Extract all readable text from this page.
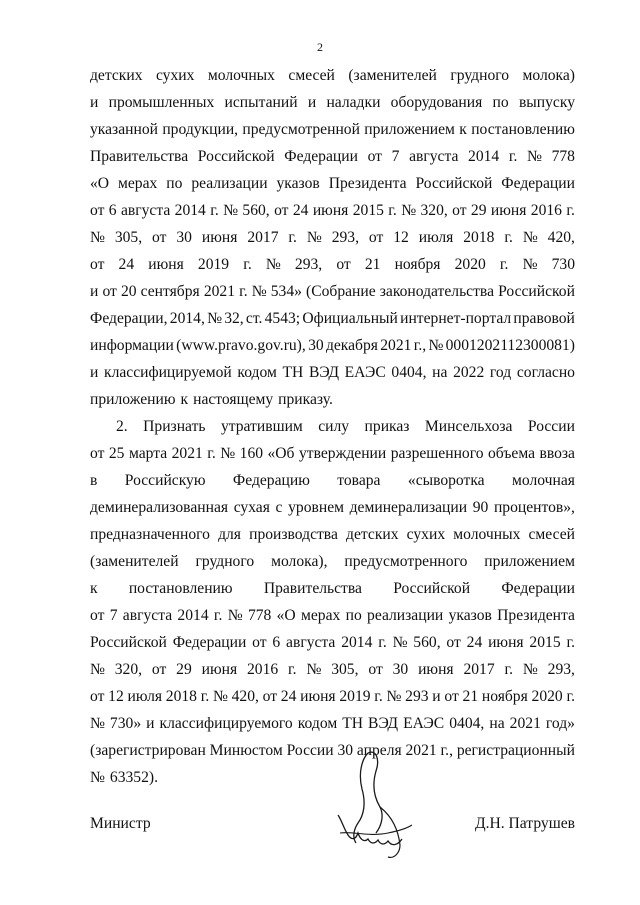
2
детских сухих молочных смесей (заменителей грудного молока)
и промышленных испытаний и наладки оборудования по выпуску
указанной продукции, предусмотренной приложением к постановлению
Правительства Российской Федерации от 7 августа 2014 г. № 778
«О мерах по реализации указов Президента Российской Федерации
от 6 августа 2014 г. № 560, от 24 июня 2015 г. № 320, от 29 июня 2016 г.
№ 305, от 30 июня 2017 г. № 293, от 12 июля 2018 г. № 420,
от 24 июня 2019 г. № 293, от 21 ноября 2020 г. № 730
и от 20 сентября 2021 г. № 534» (Собрание законодательства Российской
Федерации, 2014, № 32, ст. 4543; Официальный интернет-портал правовой
информации (www.pravo.gov.ru), 30 декабря 2021 г., № 0001202112300081)
и классифицируемой кодом ТН ВЭД ЕАЭС 0404, на 2022 год согласно
приложению к настоящему приказу.
2. Признать утратившим силу приказ Минсельхоза России
от 25 марта 2021 г. № 160 «Об утверждении разрешенного объема ввоза
в Российскую Федерацию товара «сыворотка молочная
деминерализованная сухая с уровнем деминерализации 90 процентов»,
предназначенного для производства детских сухих молочных смесей
(заменителей грудного молока), предусмотренного приложением
к постановлению Правительства Российской Федерации
от 7 августа 2014 г. № 778 «О мерах по реализации указов Президента
Российской Федерации от 6 августа 2014 г. № 560, от 24 июня 2015 г.
№ 320, от 29 июня 2016 г. № 305, от 30 июня 2017 г. № 293,
от 12 июля 2018 г. № 420, от 24 июня 2019 г. № 293 и от 21 ноября 2020 г.
№ 730» и классифицируемого кодом ТН ВЭД ЕАЭС 0404, на 2021 год»
(зарегистрирован Минюстом России 30 апреля 2021 г., регистрационный
№ 63352).
Министр	Д.Н. Патрушев
